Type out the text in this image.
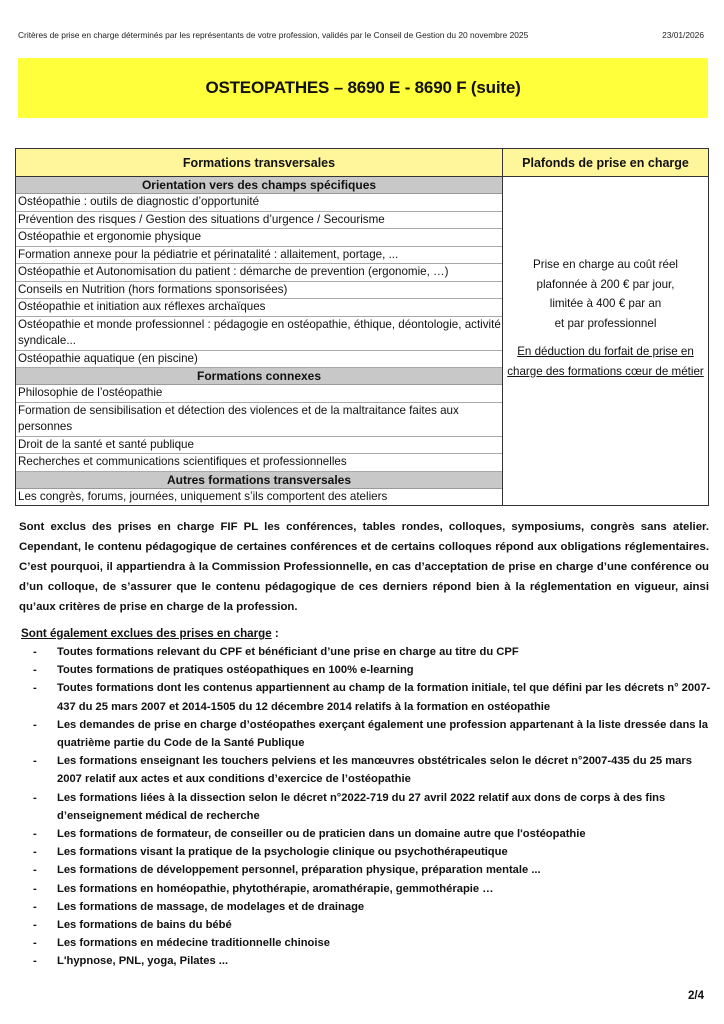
Critères de prise en charge déterminés par les représentants de votre profession, validés par le Conseil de Gestion du 20 novembre 2025	23/01/2026
OSTEOPATHES – 8690 E - 8690 F (suite)
Formations transversales
Orientation vers des champs spécifiques
Ostéopathie : outils de diagnostic d’opportunité
Prévention des risques / Gestion des situations d’urgence / Secourisme
Ostéopathie et ergonomie physique
Formation annexe pour la pédiatrie et périnatalité : allaitement, portage, ...
Ostéopathie et Autonomisation du patient : démarche de prevention (ergonomie, …)
Conseils en Nutrition (hors formations sponsorisées)
Ostéopathie et initiation aux réflexes archaïques
Ostéopathie et monde professionnel : pédagogie en ostéopathie, éthique, déontologie, activité syndicale...
Ostéopathie aquatique (en piscine)
Formations connexes
Philosophie de l’ostéopathie
Formation de sensibilisation et détection des violences et de la maltraitance faites aux personnes
Droit de la santé et santé publique
Recherches et communications scientifiques et professionnelles
Autres formations transversales
Les congrès, forums, journées, uniquement s’ils comportent des ateliers
Plafonds de prise en charge
Prise en charge au coût réel
plafonnée à 200 € par jour,
limitée à 400 € par an
et par professionnel
En déduction du forfait de prise en charge des formations cœur de métier
Sont exclus des prises en charge FIF PL les conférences, tables rondes, colloques, symposiums, congrès sans atelier. Cependant, le contenu pédagogique de certaines conférences et de certains colloques répond aux obligations réglementaires. C’est pourquoi, il appartiendra à la Commission Professionnelle, en cas d’acceptation de prise en charge d’une conférence ou d’un colloque, de s’assurer que le contenu pédagogique de ces derniers répond bien à la réglementation en vigueur, ainsi qu’aux critères de prise en charge de la profession.
Sont également exclues des prises en charge :
- Toutes formations relevant du CPF et bénéficiant d’une prise en charge au titre du CPF
- Toutes formations de pratiques ostéopathiques en 100% e-learning
- Toutes formations dont les contenus appartiennent au champ de la formation initiale, tel que défini par les décrets n° 2007-437 du 25 mars 2007 et 2014-1505 du 12 décembre 2014 relatifs à la formation en ostéopathie
- Les demandes de prise en charge d’ostéopathes exerçant également une profession appartenant à la liste dressée dans la quatrième partie du Code de la Santé Publique
- Les formations enseignant les touchers pelviens et les manœuvres obstétricales selon le décret n°2007-435 du 25 mars 2007 relatif aux actes et aux conditions d’exercice de l’ostéopathie
- Les formations liées à la dissection selon le décret n°2022-719 du 27 avril 2022 relatif aux dons de corps à des fins d’enseignement médical de recherche
- Les formations de formateur, de conseiller ou de praticien dans un domaine autre que l'ostéopathie
- Les formations visant la pratique de la psychologie clinique ou psychothérapeutique
- Les formations de développement personnel, préparation physique, préparation mentale ...
- Les formations en homéopathie, phytothérapie, aromathérapie, gemmothérapie …
- Les formations de massage, de modelages et de drainage
- Les formations de bains du bébé
- Les formations en médecine traditionnelle chinoise
- L'hypnose, PNL, yoga, Pilates ...
2/4
